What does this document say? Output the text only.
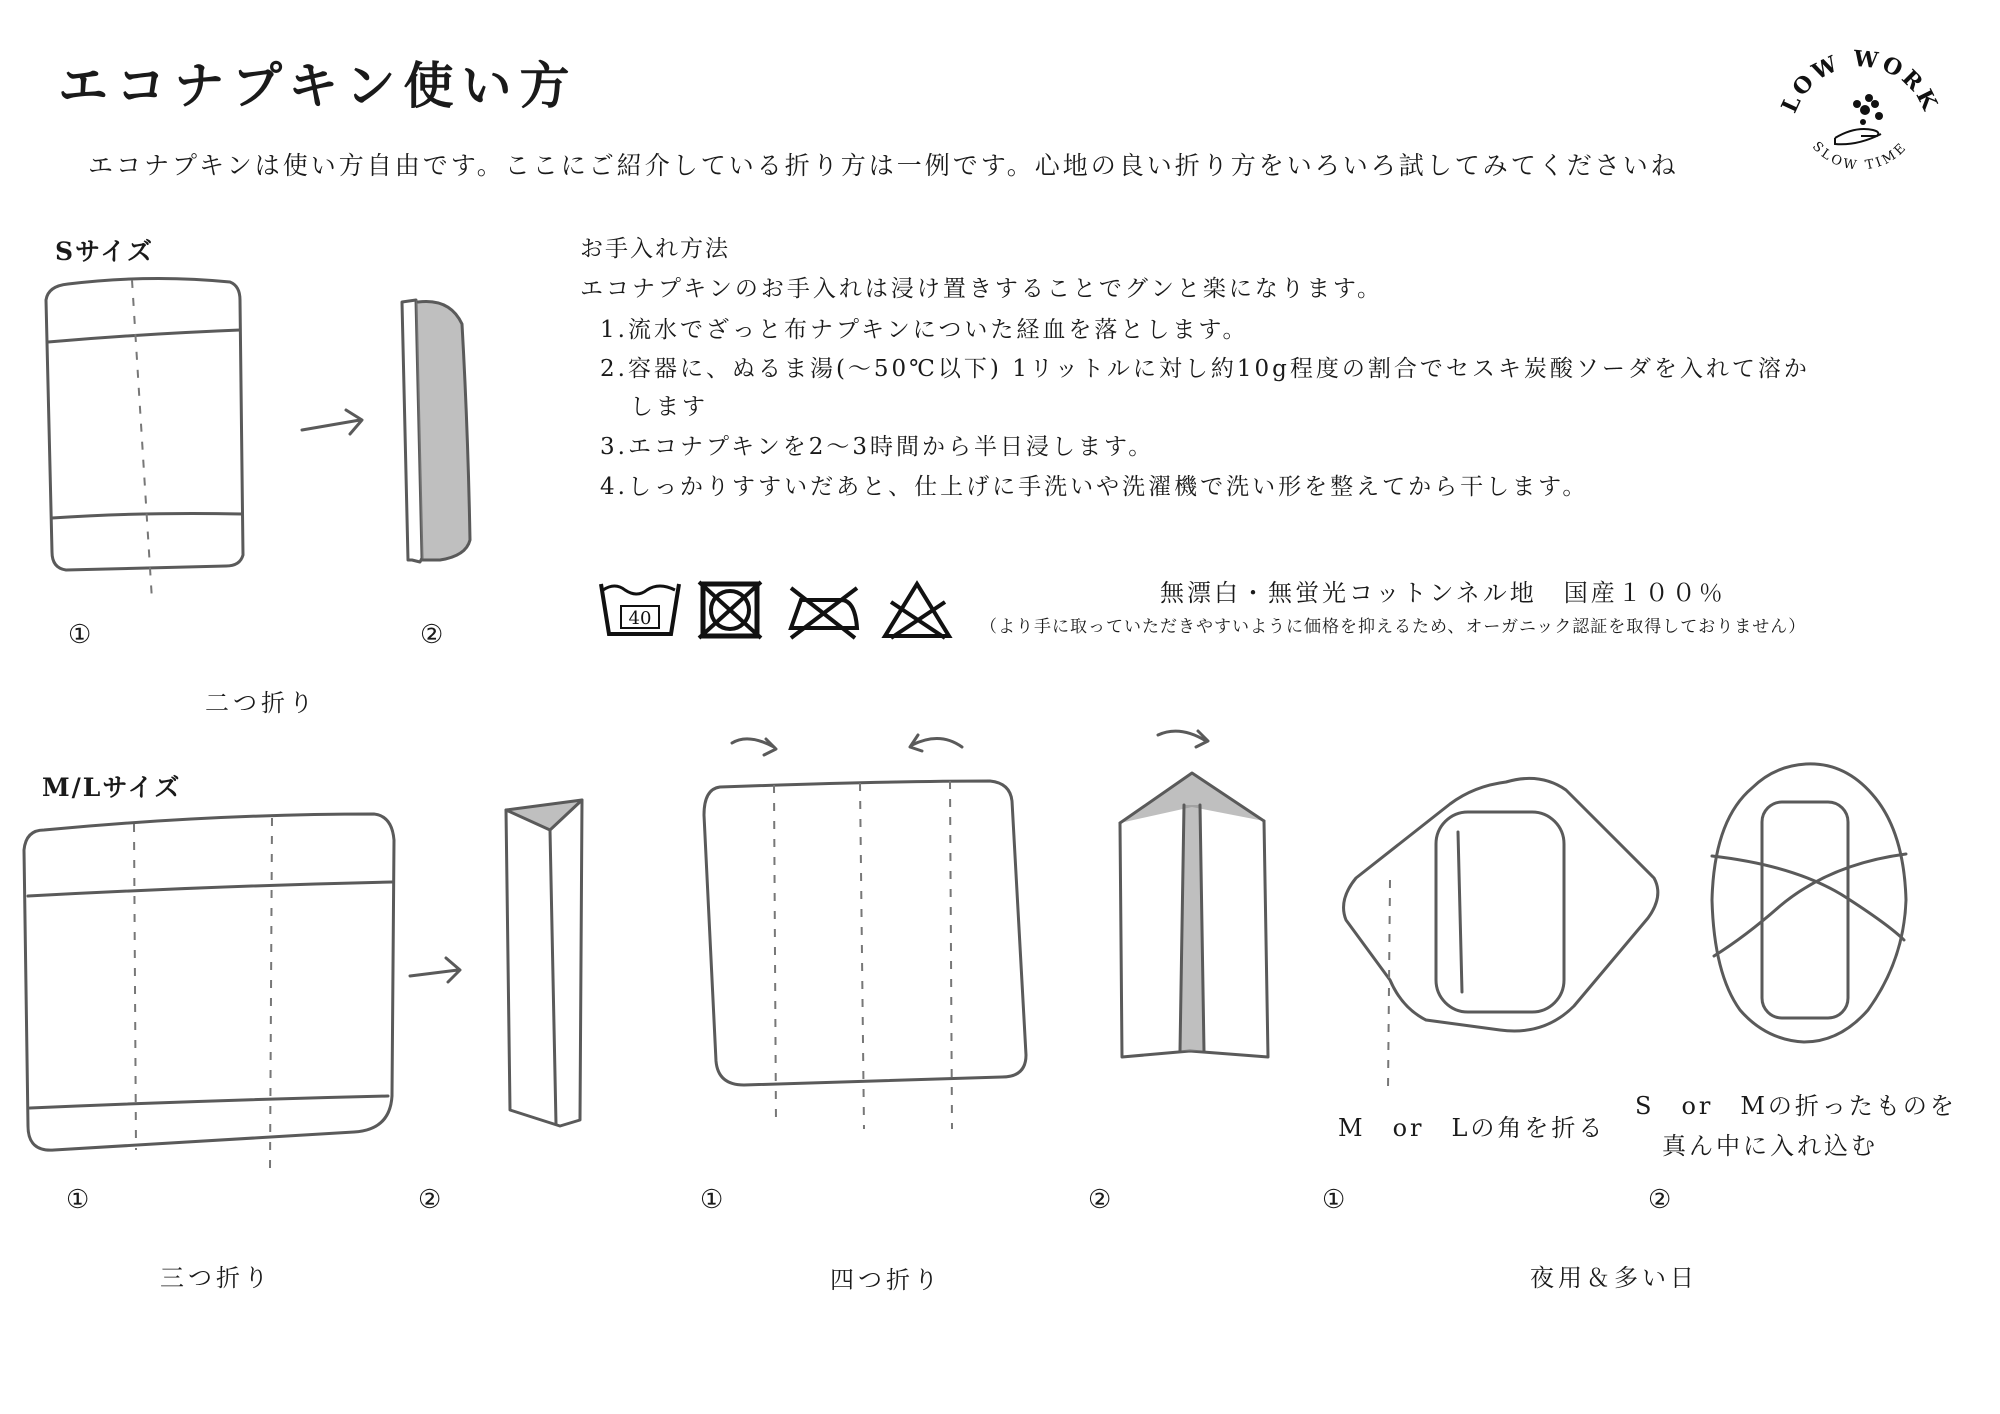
エコナプキン使い方
エコナプキンは使い方自由です。ここにご紹介している折り方は一例です。心地の良い折り方をいろいろ試してみてくださいね
LOW WORK
SLOW TIME
お手入れ方法
エコナプキンのお手入れは浸け置きすることでグンと楽になります。
1.流水でざっと布ナプキンについた経血を落とします。
2.容器に、ぬるま湯(～50℃以下) 1リットルに対し約10g程度の割合でセスキ炭酸ソーダを入れて溶か
します
3.エコナプキンを2～3時間から半日浸します。
4.しっかりすすいだあと、仕上げに手洗いや洗濯機で洗い形を整えてから干します。
40
無漂白・無蛍光コットンネル地　国産１００％
（より手に取っていただきやすいように価格を抑えるため、オーガニック認証を取得しておりません）
Sサイズ
①	②
二つ折り
M/Lサイズ
①	②
三つ折り
①	②
四つ折り
M　or　Lの角を折る
S　or　Mの折ったものを
真ん中に入れ込む
①	②
夜用＆多い日
